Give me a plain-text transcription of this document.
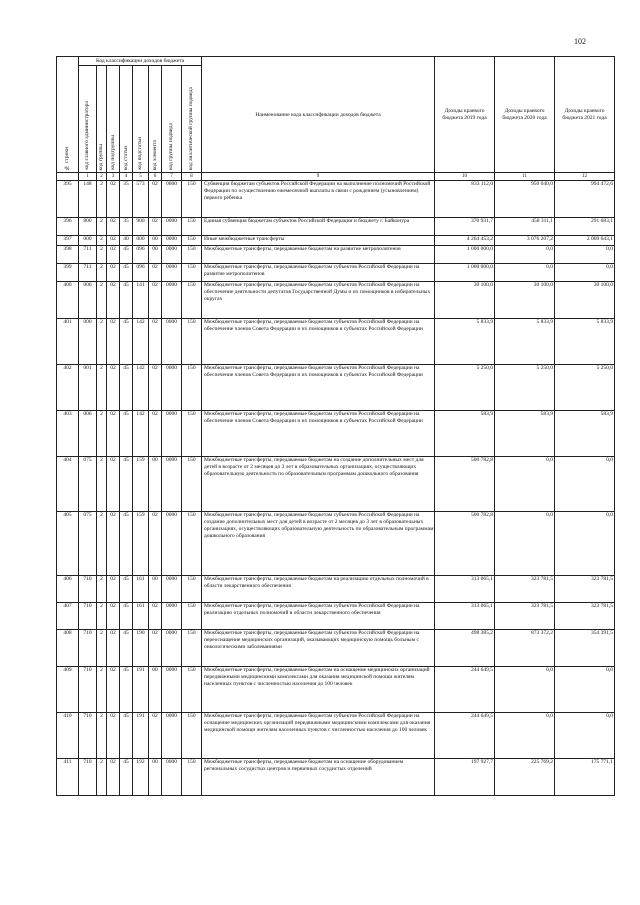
102
№ строки	Код классификации доходов бюджета								Наименование кода классификации доходов бюджета	Доходы краевого бюджета 2019 года	Доходы краевого бюджета 2020 года	Доходы краевого бюджета 2021 года

	код главного администратора	код группы	код подгруппы	код статьи	код подстатьи	код элемента	код группы подвида	код аналитической группы подвида				

	1	2	3	4	5	6	7	8	9	10	11	12
395	148	2	02	35	573	02	0000	150	Субвенция бюджетам субъектов Российской Федерации на выполнение полномочий Российской Федерации по осуществлению ежемесячной выплаты в связи с рождением (усыновлением) первого ребенка	833 112,0	950 040,0	994 472,6
396	800	2	02	35	900	02	0000	150	Единая субвенция бюджетам субъектов Российской Федерации и бюджету г. Байконура	370 931,7	458 311,1	291 683,1
397	000	2	02	40	000	00	0000	150	Иные межбюджетные трансферты	4 264 453,2	3 076 207,2	2 009 643,1
398	711	2	02	45	096	00	0000	150	Межбюджетные трансферты, передаваемые бюджетам на развитие метрополитенов	1 000 000,0	0,0	0,0
399	711	2	02	45	096	02	0000	150	Межбюджетные трансферты, передаваемые бюджетам субъектов Российской Федерации на развитие метрополитенов	1 000 000,0	0,0	0,0
400	006	2	02	45	141	02	0000	150	Межбюджетные трансферты, передаваемые бюджетам субъектов Российской Федерации на обеспечение деятельности депутатов Государственной Думы и их помощников в избирательных округах	30 100,0	30 100,0	30 100,0
401	000	2	02	45	142	02	0000	150	Межбюджетные трансферты, передаваемые бюджетам субъектов Российской Федерации на обеспечение членов Совета Федерации и их помощников в субъектах Российской Федерации	5 833,9	5 833,9	5 833,9
402	001	2	02	45	142	02	0000	150	Межбюджетные трансферты, передаваемые бюджетам субъектов Российской Федерации на обеспечение членов Совета Федерации и их помощников в субъектах Российской Федерации	5 250,0	5 250,0	5 250,0
403	006	2	02	45	142	02	0000	150	Межбюджетные трансферты, передаваемые бюджетам субъектов Российской Федерации на обеспечение членов Совета Федерации и их помощников в субъектах Российской Федерации	583,9	583,9	583,9
404	075	2	02	45	159	00	0000	150	Межбюджетные трансферты, передаваемые бюджетам на создание дополнительных мест для детей в возрасте от 2 месяцев до 3 лет в образовательных организациях, осуществляющих образовательную деятельность по образовательным программам дошкольного образования	500 782,8	0,0	0,0
405	075	2	02	45	159	02	0000	150	Межбюджетные трансферты, передаваемые бюджетам субъектов Российской Федерации на создание дополнительных мест для детей в возрасте от 2 месяцев до 3 лет в образовательных организациях, осуществляющих образовательную деятельность по образовательным программам дошкольного образования	500 782,8	0,0	0,0
406	710	2	02	45	161	00	0000	150	Межбюджетные трансферты, передаваемые бюджетам на реализацию отдельных полномочий в области лекарственного обеспечения	313 065,1	323 781,5	323 781,5
407	710	2	02	45	161	02	0000	150	Межбюджетные трансферты, передаваемые бюджетам субъектов Российской Федерации на реализацию отдельных полномочий в области лекарственного обеспечения	313 065,1	323 781,5	323 781,5
408	710	2	02	45	190	02	0000	150	Межбюджетные трансферты, передаваемые бюджетам субъектов Российской Федерации на переоснащение медицинских организаций, оказывающих медицинскую помощь больным с онкологическими заболеваниями	498 385,2	873 372,2	354 391,5
409	710	2	02	45	191	00	0000	150	Межбюджетные трансферты, передаваемые бюджетам на оснащение медицинских организаций передвижными медицинскими комплексами для оказания медицинской помощи жителям населенных пунктов с численностью населения до 100 человек	244 649,5	0,0	0,0
410	710	2	02	45	191	02	0000	150	Межбюджетные трансферты, передаваемые бюджетам субъектов Российской Федерации на оснащение медицинских организаций передвижными медицинскими комплексами для оказания медицинской помощи жителям населенных пунктов с численностью населения до 100 человек	244 649,5	0,0	0,0
411	710	2	02	45	192	00	0000	150	Межбюджетные трансферты, передаваемые бюджетам на оснащение оборудованием региональных сосудистых центров и первичных сосудистых отделений	197 927,7	225 769,2	175 771,1
